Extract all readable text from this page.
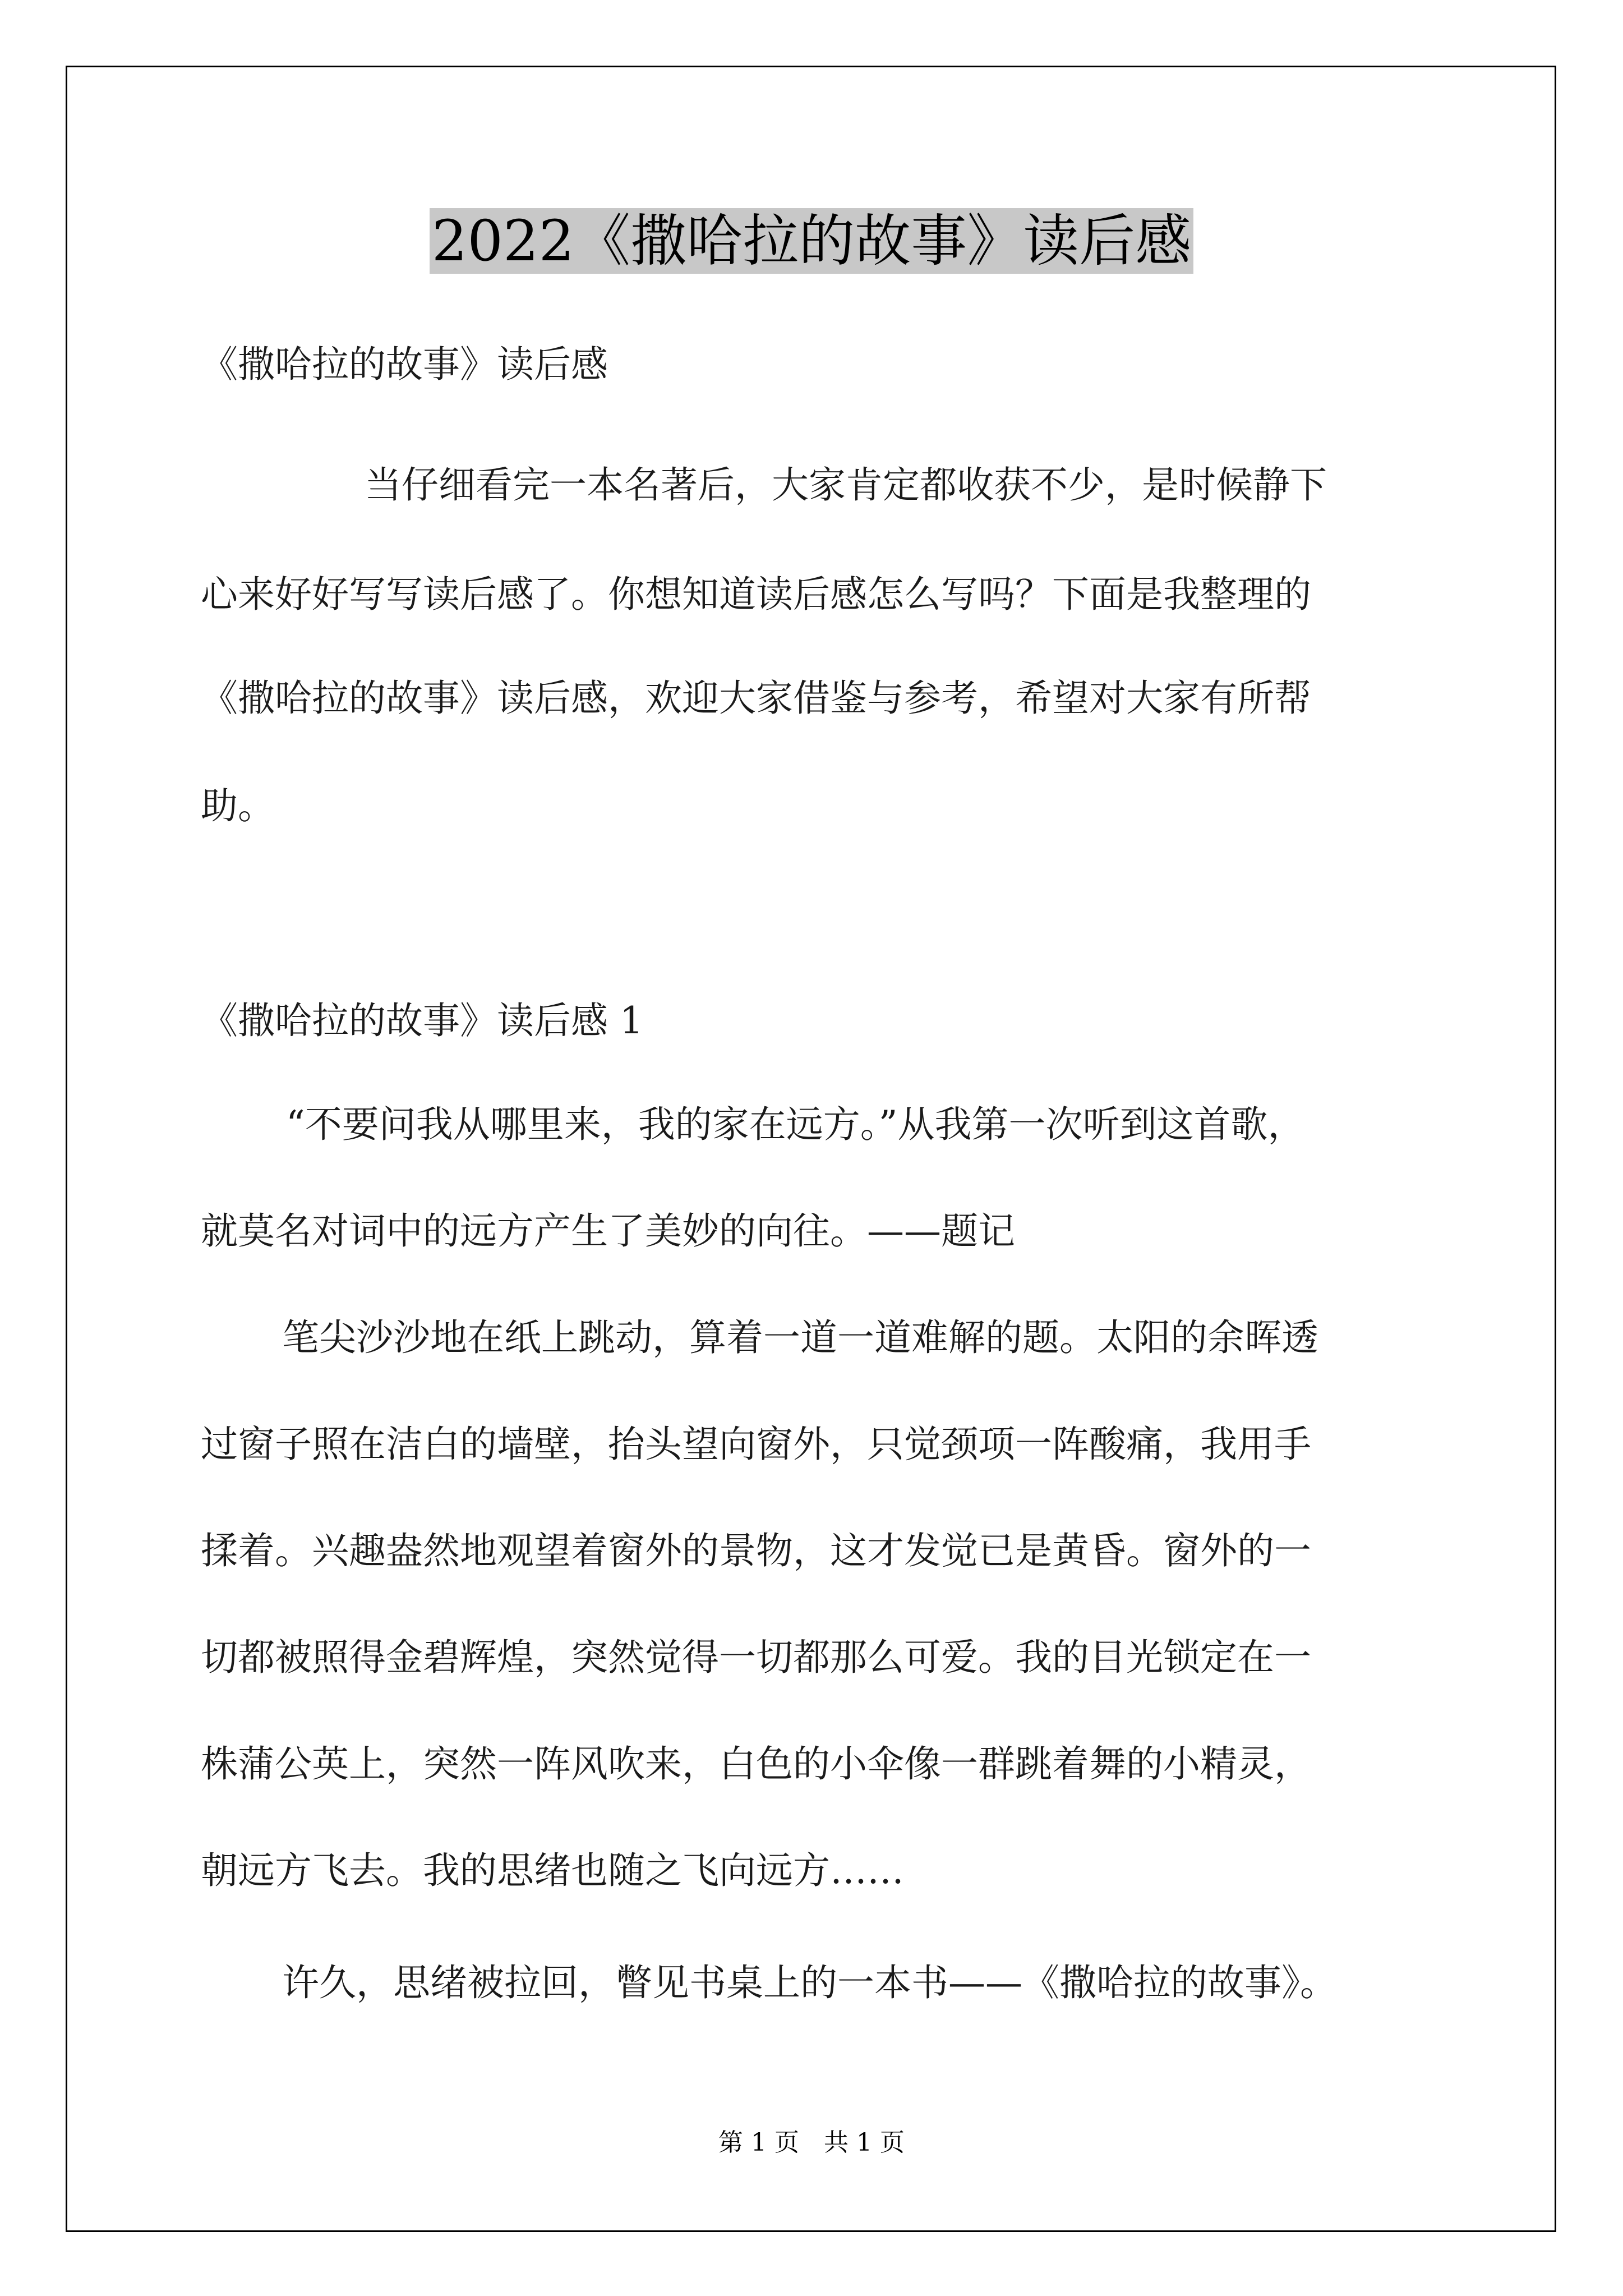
2022《撒哈拉的故事》读后感
《撒哈拉的故事》读后感
当仔细看完一本名著后，大家肯定都收获不少，是时候静下
心来好好写写读后感了。你想知道读后感怎么写吗？下面是我整理的
《撒哈拉的故事》读后感，欢迎大家借鉴与参考，希望对大家有所帮
助。
《撒哈拉的故事》读后感 1
“不要问我从哪里来，我的家在远方。”从我第一次听到这首歌，
就莫名对词中的远方产生了美妙的向往。——题记
笔尖沙沙地在纸上跳动，算着一道一道难解的题。太阳的余晖透
过窗子照在洁白的墙壁，抬头望向窗外，只觉颈项一阵酸痛，我用手
揉着。兴趣盎然地观望着窗外的景物，这才发觉已是黄昏。窗外的一
切都被照得金碧辉煌，突然觉得一切都那么可爱。我的目光锁定在一
株蒲公英上，突然一阵风吹来，白色的小伞像一群跳着舞的小精灵，
朝远方飞去。我的思绪也随之飞向远方……
许久，思绪被拉回，瞥见书桌上的一本书——《撒哈拉的故事》。
第 1 页　共 1 页
